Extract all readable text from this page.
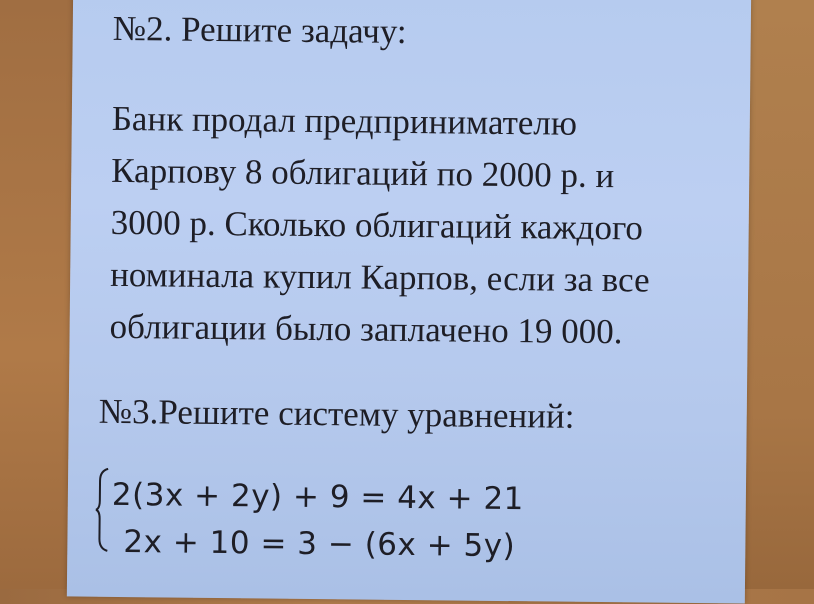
№2. Решите задачу:
Банк продал предпринимателю
Карпову 8 облигаций по 2000 р. и
3000 р. Сколько облигаций каждого
номинала купил Карпов, если за все
облигации было заплачено 19 000.
№3.Решите систему уравнений:
2(3x + 2y) + 9 = 4x + 21
2x + 10 = 3 − (6x + 5y)
